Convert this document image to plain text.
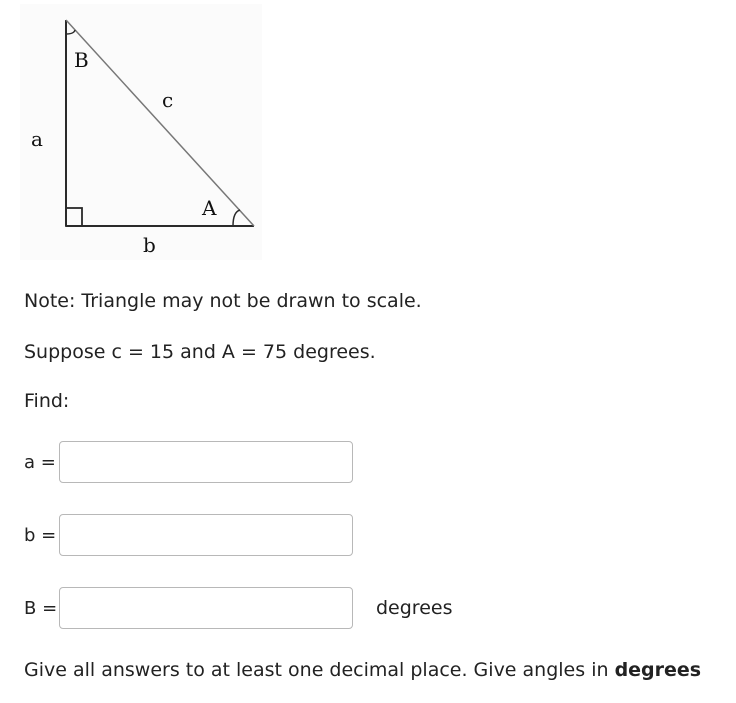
B
A
a
b
c
Note: Triangle may not be drawn to scale.
Suppose c = 15 and A = 75 degrees.
Find:
a =
b =
B =	degrees
Give all answers to at least one decimal place. Give angles in degrees
